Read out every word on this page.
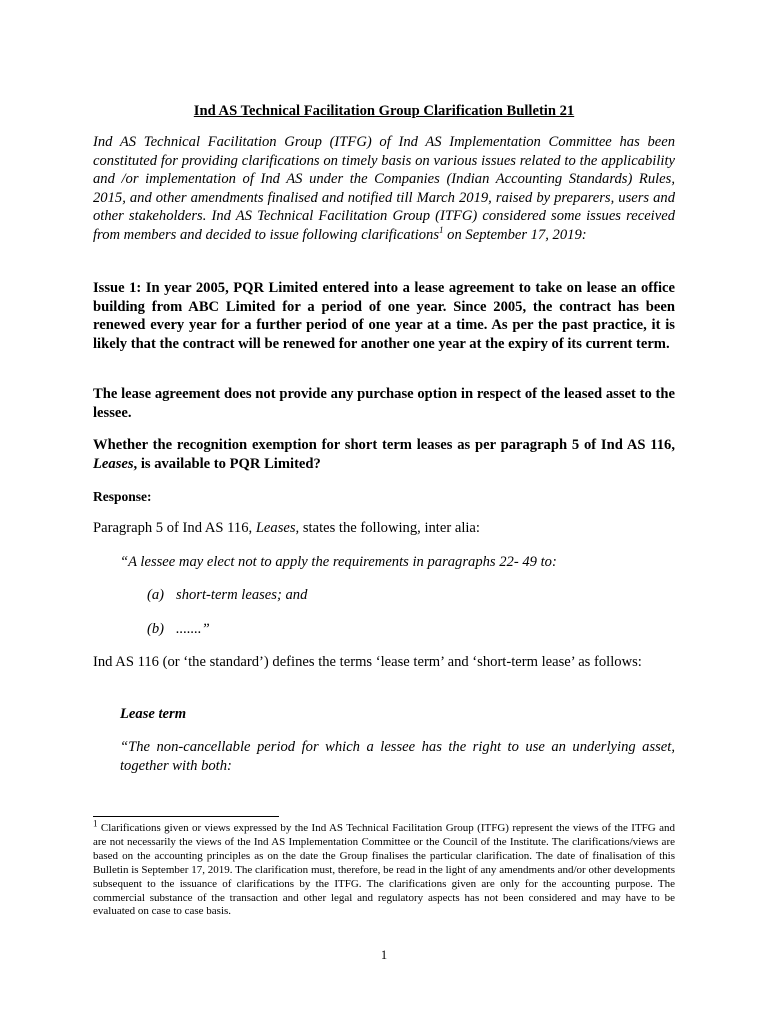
Ind AS Technical Facilitation Group Clarification Bulletin 21
Ind AS Technical Facilitation Group (ITFG) of Ind AS Implementation Committee has been constituted for providing clarifications on timely basis on various issues related to the applicability and /or implementation of Ind AS under the Companies (Indian Accounting Standards) Rules, 2015, and other amendments finalised and notified till March 2019, raised by preparers, users and other stakeholders. Ind AS Technical Facilitation Group (ITFG) considered some issues received from members and decided to issue following clarifications$^1$ on September 17, 2019:
Issue 1: In year 2005, PQR Limited entered into a lease agreement to take on lease an office building from ABC Limited for a period of one year. Since 2005, the contract has been renewed every year for a further period of one year at a time. As per the past practice, it is likely that the contract will be renewed for another one year at the expiry of its current term.
The lease agreement does not provide any purchase option in respect of the leased asset to the lessee.
Whether the recognition exemption for short term leases as per paragraph 5 of Ind AS 116, Leases, is available to PQR Limited?
Response:
Paragraph 5 of Ind AS 116, Leases, states the following, inter alia:
“A lessee may elect not to apply the requirements in paragraphs 22- 49 to:
(a) short-term leases; and
(b) .......”
Ind AS 116 (or ‘the standard’) defines the terms ‘lease term’ and ‘short-term lease’ as follows:
Lease term
“The non-cancellable period for which a lessee has the right to use an underlying asset, together with both:
$^1$ Clarifications given or views expressed by the Ind AS Technical Facilitation Group (ITFG) represent the views of the ITFG and are not necessarily the views of the Ind AS Implementation Committee or the Council of the Institute. The clarifications/views are based on the accounting principles as on the date the Group finalises the particular clarification. The date of finalisation of this Bulletin is September 17, 2019. The clarification must, therefore, be read in the light of any amendments and/or other developments subsequent to the issuance of clarifications by the ITFG. The clarifications given are only for the accounting purpose. The commercial substance of the transaction and other legal and regulatory aspects has not been considered and may have to be evaluated on case to case basis.
1
